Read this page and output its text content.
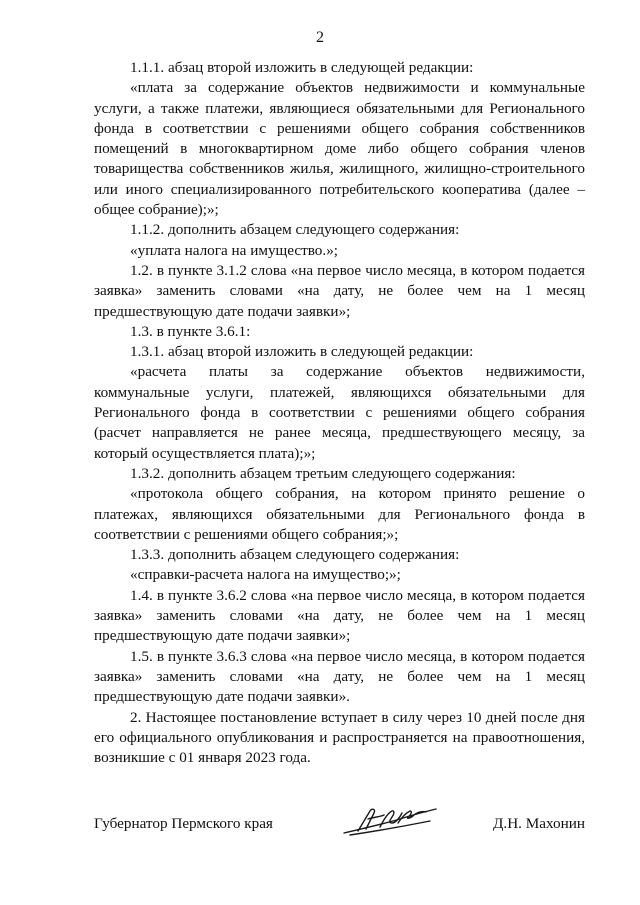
2

1.1.1. абзац второй изложить в следующей редакции:

«плата за содержание объектов недвижимости и коммунальные услуги, а также платежи, являющиеся обязательными для Регионального фонда в соответствии с решениями общего собрания собственников помещений в многоквартирном доме либо общего собрания членов товарищества собственников жилья, жилищного, жилищно-строительного или иного специализированного потребительского кооператива (далее – общее собрание);»;

1.1.2. дополнить абзацем следующего содержания:

«уплата налога на имущество.»;

1.2. в пункте 3.1.2 слова «на первое число месяца, в котором подается заявка» заменить словами «на дату, не более чем на 1 месяц предшествующую дате подачи заявки»;

1.3. в пункте 3.6.1:

1.3.1. абзац второй изложить в следующей редакции:

«расчета платы за содержание объектов недвижимости, коммунальные услуги, платежей, являющихся обязательными для Регионального фонда в соответствии с решениями общего собрания (расчет направляется не ранее месяца, предшествующего месяцу, за который осуществляется плата);»;

1.3.2. дополнить абзацем третьим следующего содержания:

«протокола общего собрания, на котором принято решение о платежах, являющихся обязательными для Регионального фонда в соответствии с решениями общего собрания;»;

1.3.3. дополнить абзацем следующего содержания:

«справки-расчета налога на имущество;»;

1.4. в пункте 3.6.2 слова «на первое число месяца, в котором подается заявка» заменить словами «на дату, не более чем на 1 месяц предшествующую дате подачи заявки»;

1.5. в пункте 3.6.3 слова «на первое число месяца, в котором подается заявка» заменить словами «на дату, не более чем на 1 месяц предшествующую дате подачи заявки».

2. Настоящее постановление вступает в силу через 10 дней после дня его официального опубликования и распространяется на правоотношения, возникшие с 01 января 2023 года.

Губернатор Пермского края	Д.Н. Махонин
